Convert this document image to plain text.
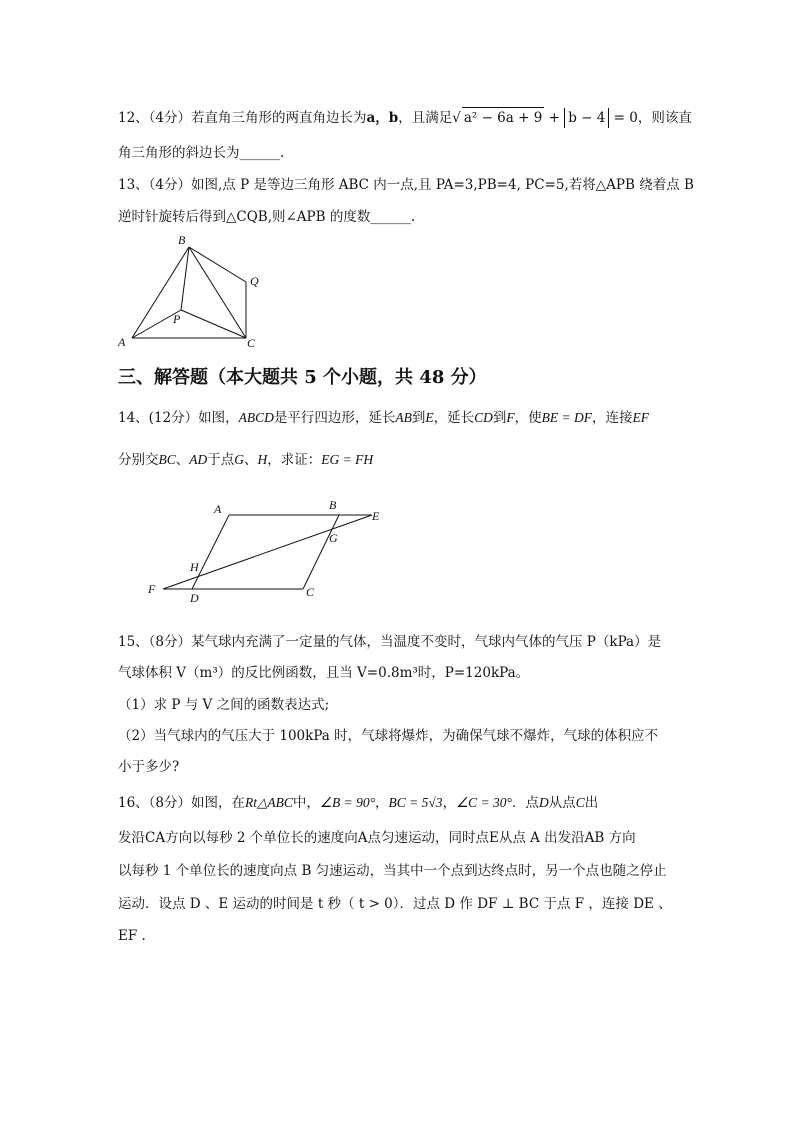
12、（4分）若直角三角形的两直角边长为a，b，且满足√ a² − 6a + 9 + b − 4 = 0，则该直
角三角形的斜边长为______.
13、（4分）如图,点 P 是等边三角形 ABC 内一点,且 PA=3,PB=4, PC=5,若将△APB 绕着点 B
逆时针旋转后得到△CQB,则∠APB 的度数______.
B
Q
P
A	C
三、解答题（本大题共 5 个小题，共 48 分）
14、(12分）如图，ABCD是平行四边形，延长AB到E，延长CD到F，使BE = DF，连接EF
分别交BC、AD于点G、H，求证：EG = FH
A	B
E
G
H
F
D	C
15、（8分）某气球内充满了一定量的气体，当温度不变时，气球内气体的气压 P（kPa）是
气球体积 V（m³）的反比例函数，且当 V=0.8m³时，P=120kPa。
（1）求 P 与 V 之间的函数表达式;
（2）当气球内的气压大于 100kPa 时，气球将爆炸，为确保气球不爆炸，气球的体积应不
小于多少?
16、（8分）如图，在Rt△ABC中，∠B = 90°，BC = 5√3，∠C = 30°．点D从点C出
发沿CA方向以每秒 2 个单位长的速度向A点匀速运动，同时点E从点 A 出发沿AB 方向
以每秒 1 个单位长的速度向点 B 匀速运动，当其中一个点到达终点时，另一个点也随之停止
运动．设点 D 、E 运动的时间是 t 秒（ t > 0）．过点 D 作 DF ⊥ BC 于点 F ，连接 DE 、
EF .
